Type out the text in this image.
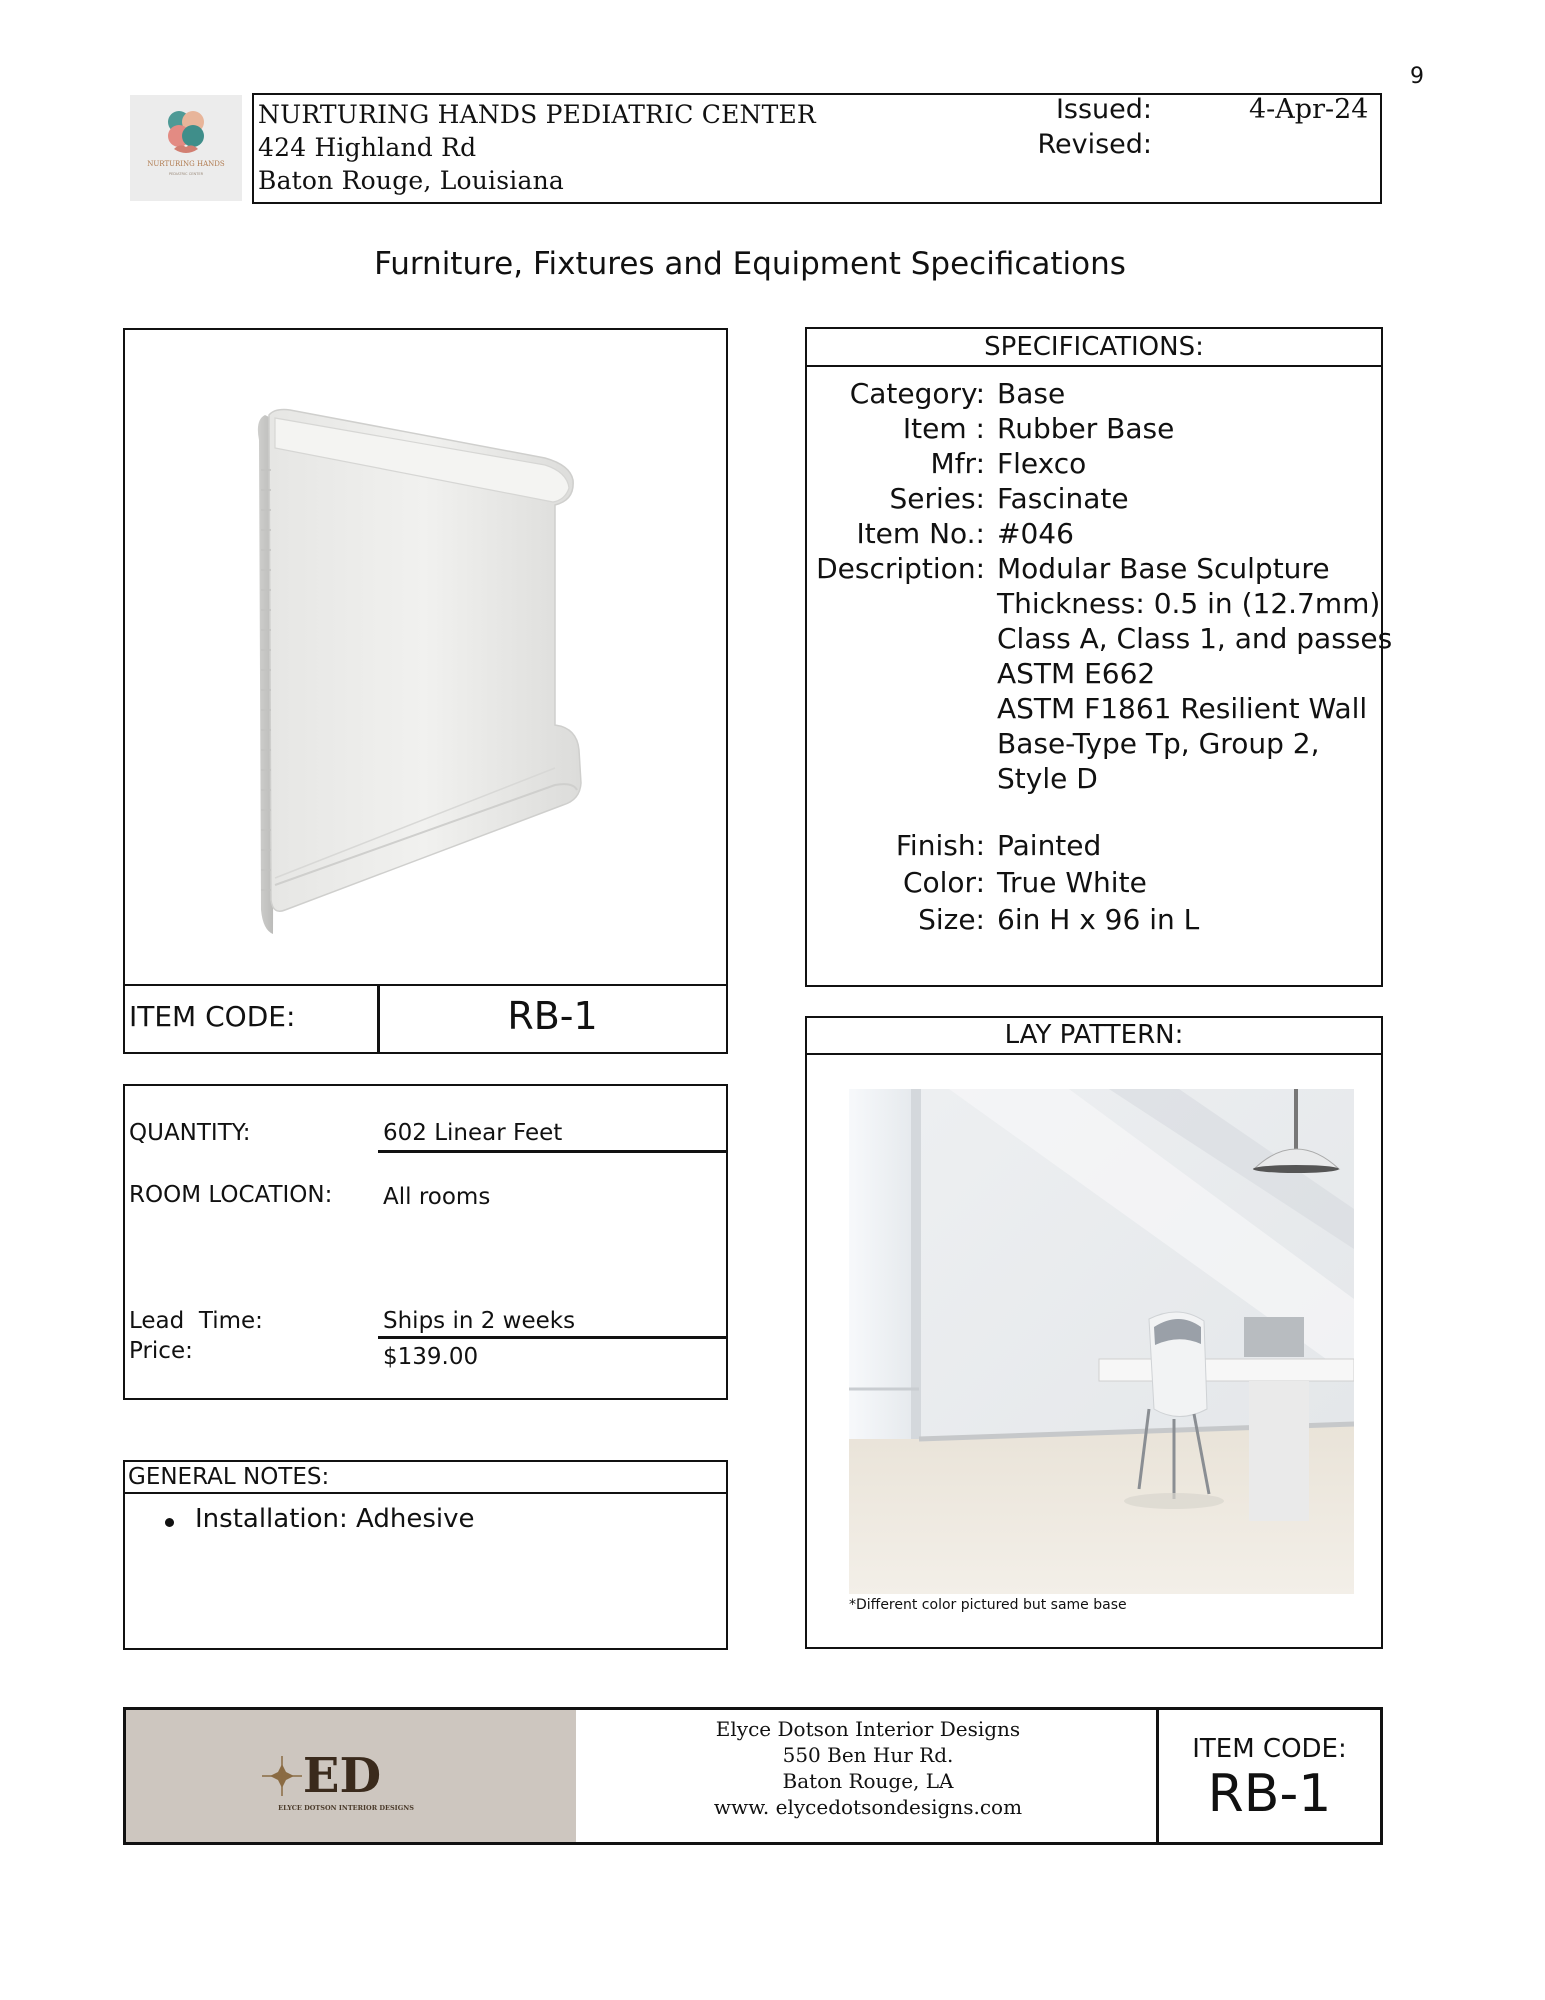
9
NURTURING HANDS
PEDIATRIC CENTER
NURTURING HANDS PEDIATRIC CENTER
424 Highland Rd
Baton Rouge, Louisiana
Issued:	4-Apr-24
Revised:
Furniture, Fixtures and Equipment Specifications
ITEM CODE:	RB-1
SPECIFICATIONS:
Category: Base
Item : Rubber Base
Mfr: Flexco
Series: Fascinate
Item No.: #046
Description: Modular Base Sculpture
Thickness: 0.5 in (12.7mm)
Class A, Class 1, and passes
ASTM E662
ASTM F1861 Resilient Wall
Base-Type Tp, Group 2,
Style D
Finish: Painted
Color: True White
Size: 6in H x 96 in L
QUANTITY:	602 Linear Feet
ROOM LOCATION: All rooms
Lead  Time:	Ships in 2 weeks
Price:	$139.00
GENERAL NOTES:
Installation: Adhesive
LAY PATTERN:
*Different color pictured but same base
ED
ELYCE DOTSON INTERIOR DESIGNS
Elyce Dotson Interior Designs
550 Ben Hur Rd.
Baton Rouge, LA
www. elycedotsondesigns.com
ITEM CODE:
RB-1
